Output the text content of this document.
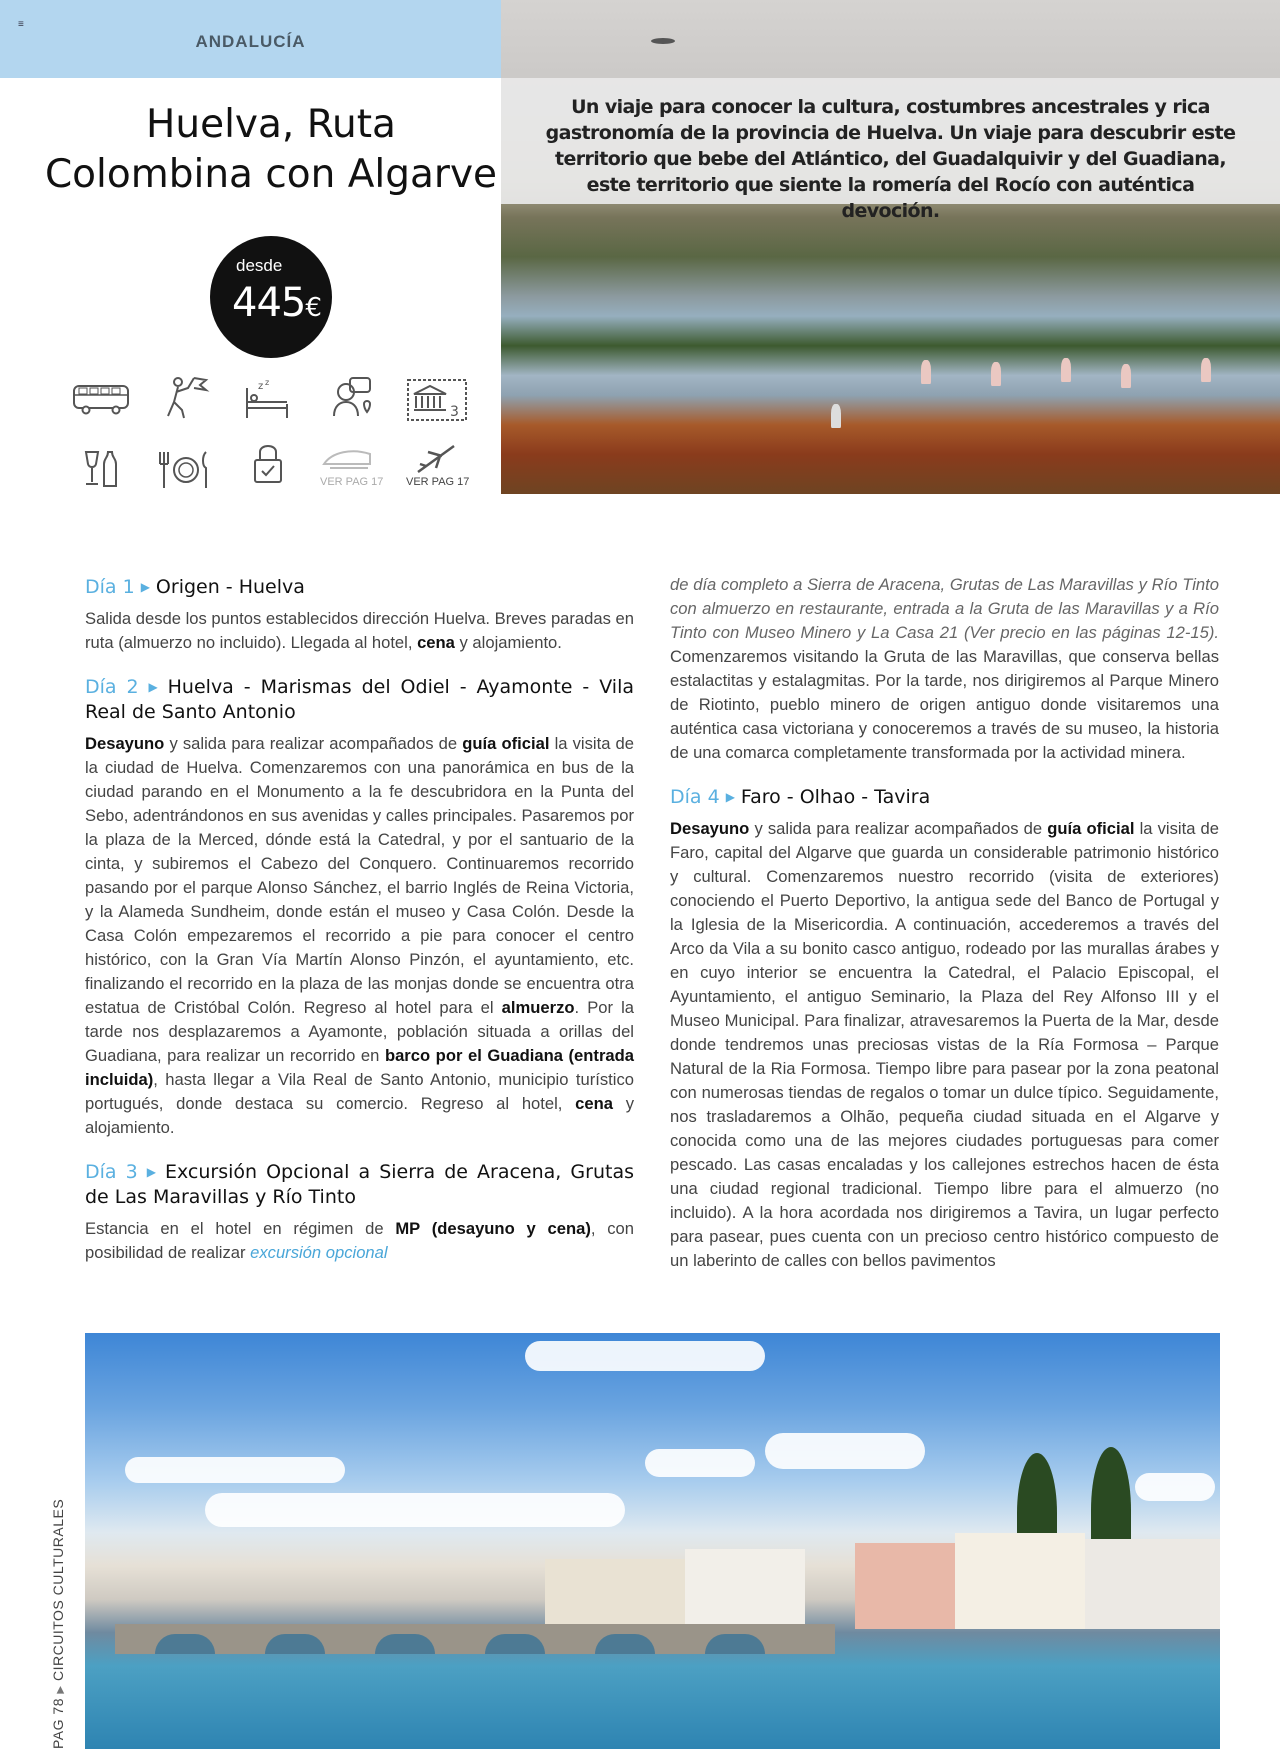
≡
ANDALUCÍA
Huelva, Ruta
Colombina con Algarve
desde
445€
z z
3
VER PAG 17 VER PAG 17
Un viaje para conocer la cultura, costumbres ancestrales y rica gastronomía de la provincia de Huelva. Un viaje para descubrir este territorio que bebe del Atlántico, del Guadalquivir y del Guadiana, este territorio que siente la romería del Rocío con auténtica devoción.
Día 1 ▶ Origen - Huelva

Salida desde los puntos establecidos dirección Huelva. Breves paradas en ruta (almuerzo no incluido). Llegada al hotel, cena y alojamiento.

Día 2 ▶ Huelva - Marismas del Odiel - Ayamonte - Vila Real de Santo Antonio

Desayuno y salida para realizar acompañados de guía oficial la visita de la ciudad de Huelva. Comenzaremos con una panorámica en bus de la ciudad parando en el Monumento a la fe descubridora en la Punta del Sebo, adentrándonos en sus avenidas y calles principales. Pasaremos por la plaza de la Merced, dónde está la Catedral, y por el santuario de la cinta, y subiremos el Cabezo del Conquero. Continuaremos recorrido pasando por el parque Alonso Sánchez, el barrio Inglés de Reina Victoria, y la Alameda Sundheim, donde están el museo y Casa Colón. Desde la Casa Colón empezaremos el recorrido a pie para conocer el centro histórico, con la Gran Vía Martín Alonso Pinzón, el ayuntamiento, etc. finalizando el recorrido en la plaza de las monjas donde se encuentra otra estatua de Cristóbal Colón. Regreso al hotel para el almuerzo. Por la tarde nos desplazaremos a Ayamonte, población situada a orillas del Guadiana, para realizar un recorrido en barco por el Guadiana (entrada incluida), hasta llegar a Vila Real de Santo Antonio, municipio turístico portugués, donde destaca su comercio. Regreso al hotel, cena y alojamiento.

Día 3 ▶ Excursión Opcional a Sierra de Aracena, Grutas de Las Maravillas y Río Tinto

Estancia en el hotel en régimen de MP (desayuno y cena), con posibilidad de realizar excursión opcional

de día completo a Sierra de Aracena, Grutas de Las Maravillas y Río Tinto con almuerzo en restaurante, entrada a la Gruta de las Maravillas y a Río Tinto con Museo Minero y La Casa 21 (Ver precio en las páginas 12-15). Comenzaremos visitando la Gruta de las Maravillas, que conserva bellas estalactitas y estalagmitas. Por la tarde, nos dirigiremos al Parque Minero de Riotinto, pueblo minero de origen antiguo donde visitaremos una auténtica casa victoriana y conoceremos a través de su museo, la historia de una comarca completamente transformada por la actividad minera.

Día 4 ▶ Faro - Olhao - Tavira

Desayuno y salida para realizar acompañados de guía oficial la visita de Faro, capital del Algarve que guarda un considerable patrimonio histórico y cultural. Comenzaremos nuestro recorrido (visita de exteriores) conociendo el Puerto Deportivo, la antigua sede del Banco de Portugal y la Iglesia de la Misericordia. A continuación, accederemos a través del Arco da Vila a su bonito casco antiguo, rodeado por las murallas árabes y en cuyo interior se encuentra la Catedral, el Palacio Episcopal, el Ayuntamiento, el antiguo Seminario, la Plaza del Rey Alfonso III y el Museo Municipal. Para finalizar, atravesaremos la Puerta de la Mar, desde donde tendremos unas preciosas vistas de la Ría Formosa – Parque Natural de la Ria Formosa. Tiempo libre para pasear por la zona peatonal con numerosas tiendas de regalos o tomar un dulce típico. Seguidamente, nos trasladaremos a Olhão, pequeña ciudad situada en el Algarve y conocida como una de las mejores ciudades portuguesas para comer pescado. Las casas encaladas y los callejones estrechos hacen de ésta una ciudad regional tradicional. Tiempo libre para el almuerzo (no incluido). A la hora acordada nos dirigiremos a Tavira, un lugar perfecto para pasear, pues cuenta con un precioso centro histórico compuesto de un laberinto de calles con bellos pavimentos

PAG 78 ▶ CIRCUITOS CULTURALES
